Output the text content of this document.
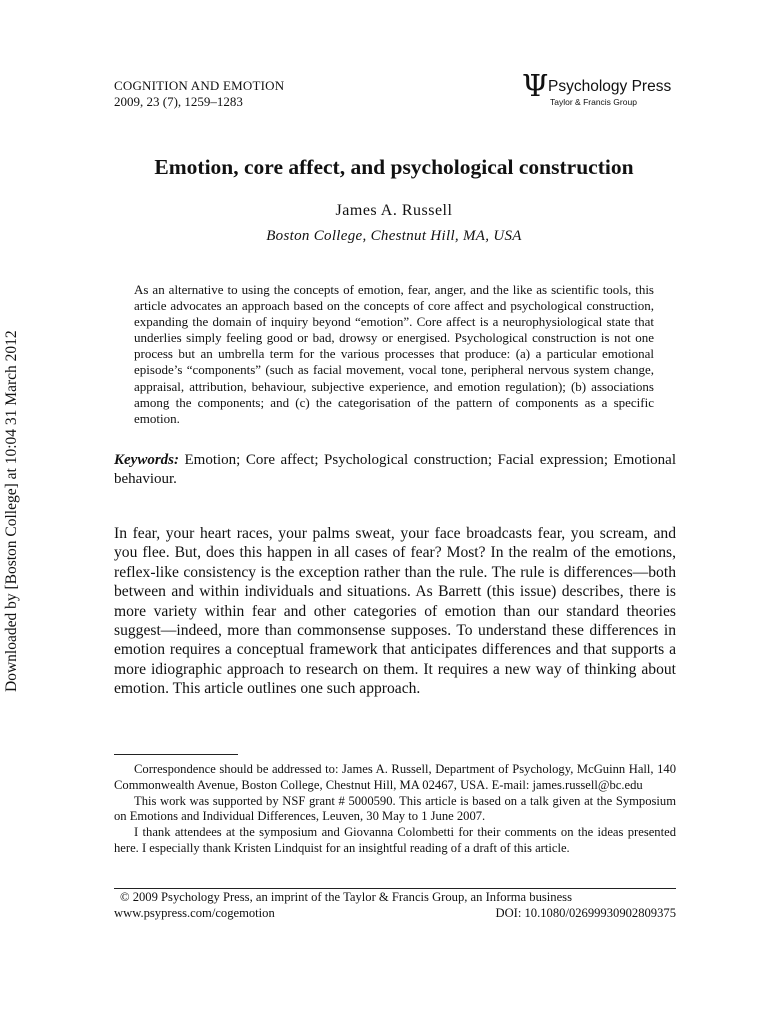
Downloaded by [Boston College] at 10:04 31 March 2012
COGNITION AND EMOTION
2009, 23 (7), 1259–1283	Ψ Psychology Press
Taylor & Francis Group
Emotion, core affect, and psychological construction
James A. Russell
Boston College, Chestnut Hill, MA, USA
As an alternative to using the concepts of emotion, fear, anger, and the like as scientific tools, this article advocates an approach based on the concepts of core affect and psychological construction, expanding the domain of inquiry beyond “emotion”. Core affect is a neurophysiological state that underlies simply feeling good or bad, drowsy or energised. Psychological construction is not one process but an umbrella term for the various processes that produce: (a) a particular emotional episode’s “components” (such as facial movement, vocal tone, peripheral nervous system change, appraisal, attribution, behaviour, subjective experience, and emotion regulation); (b) associations among the components; and (c) the categorisation of the pattern of components as a specific emotion.
Keywords: Emotion; Core affect; Psychological construction; Facial expression; Emotional behaviour.
In fear, your heart races, your palms sweat, your face broadcasts fear, you scream, and you flee. But, does this happen in all cases of fear? Most? In the realm of the emotions, reflex-like consistency is the exception rather than the rule. The rule is differences—both between and within individuals and situations. As Barrett (this issue) describes, there is more variety within fear and other categories of emotion than our standard theories suggest—indeed, more than commonsense supposes. To understand these differences in emotion requires a conceptual framework that anticipates differences and that supports a more idiographic approach to research on them. It requires a new way of thinking about emotion. This article outlines one such approach.

Correspondence should be addressed to: James A. Russell, Department of Psychology, McGuinn Hall, 140 Commonwealth Avenue, Boston College, Chestnut Hill, MA 02467, USA. E-mail: james.russell@bc.edu

This work was supported by NSF grant # 5000590. This article is based on a talk given at the Symposium on Emotions and Individual Differences, Leuven, 30 May to 1 June 2007.

I thank attendees at the symposium and Giovanna Colombetti for their comments on the ideas presented here. I especially thank Kristen Lindquist for an insightful reading of a draft of this article.

© 2009 Psychology Press, an imprint of the Taylor & Francis Group, an Informa business
www.psypress.com/cogemotion	DOI: 10.1080/02699930902809375
